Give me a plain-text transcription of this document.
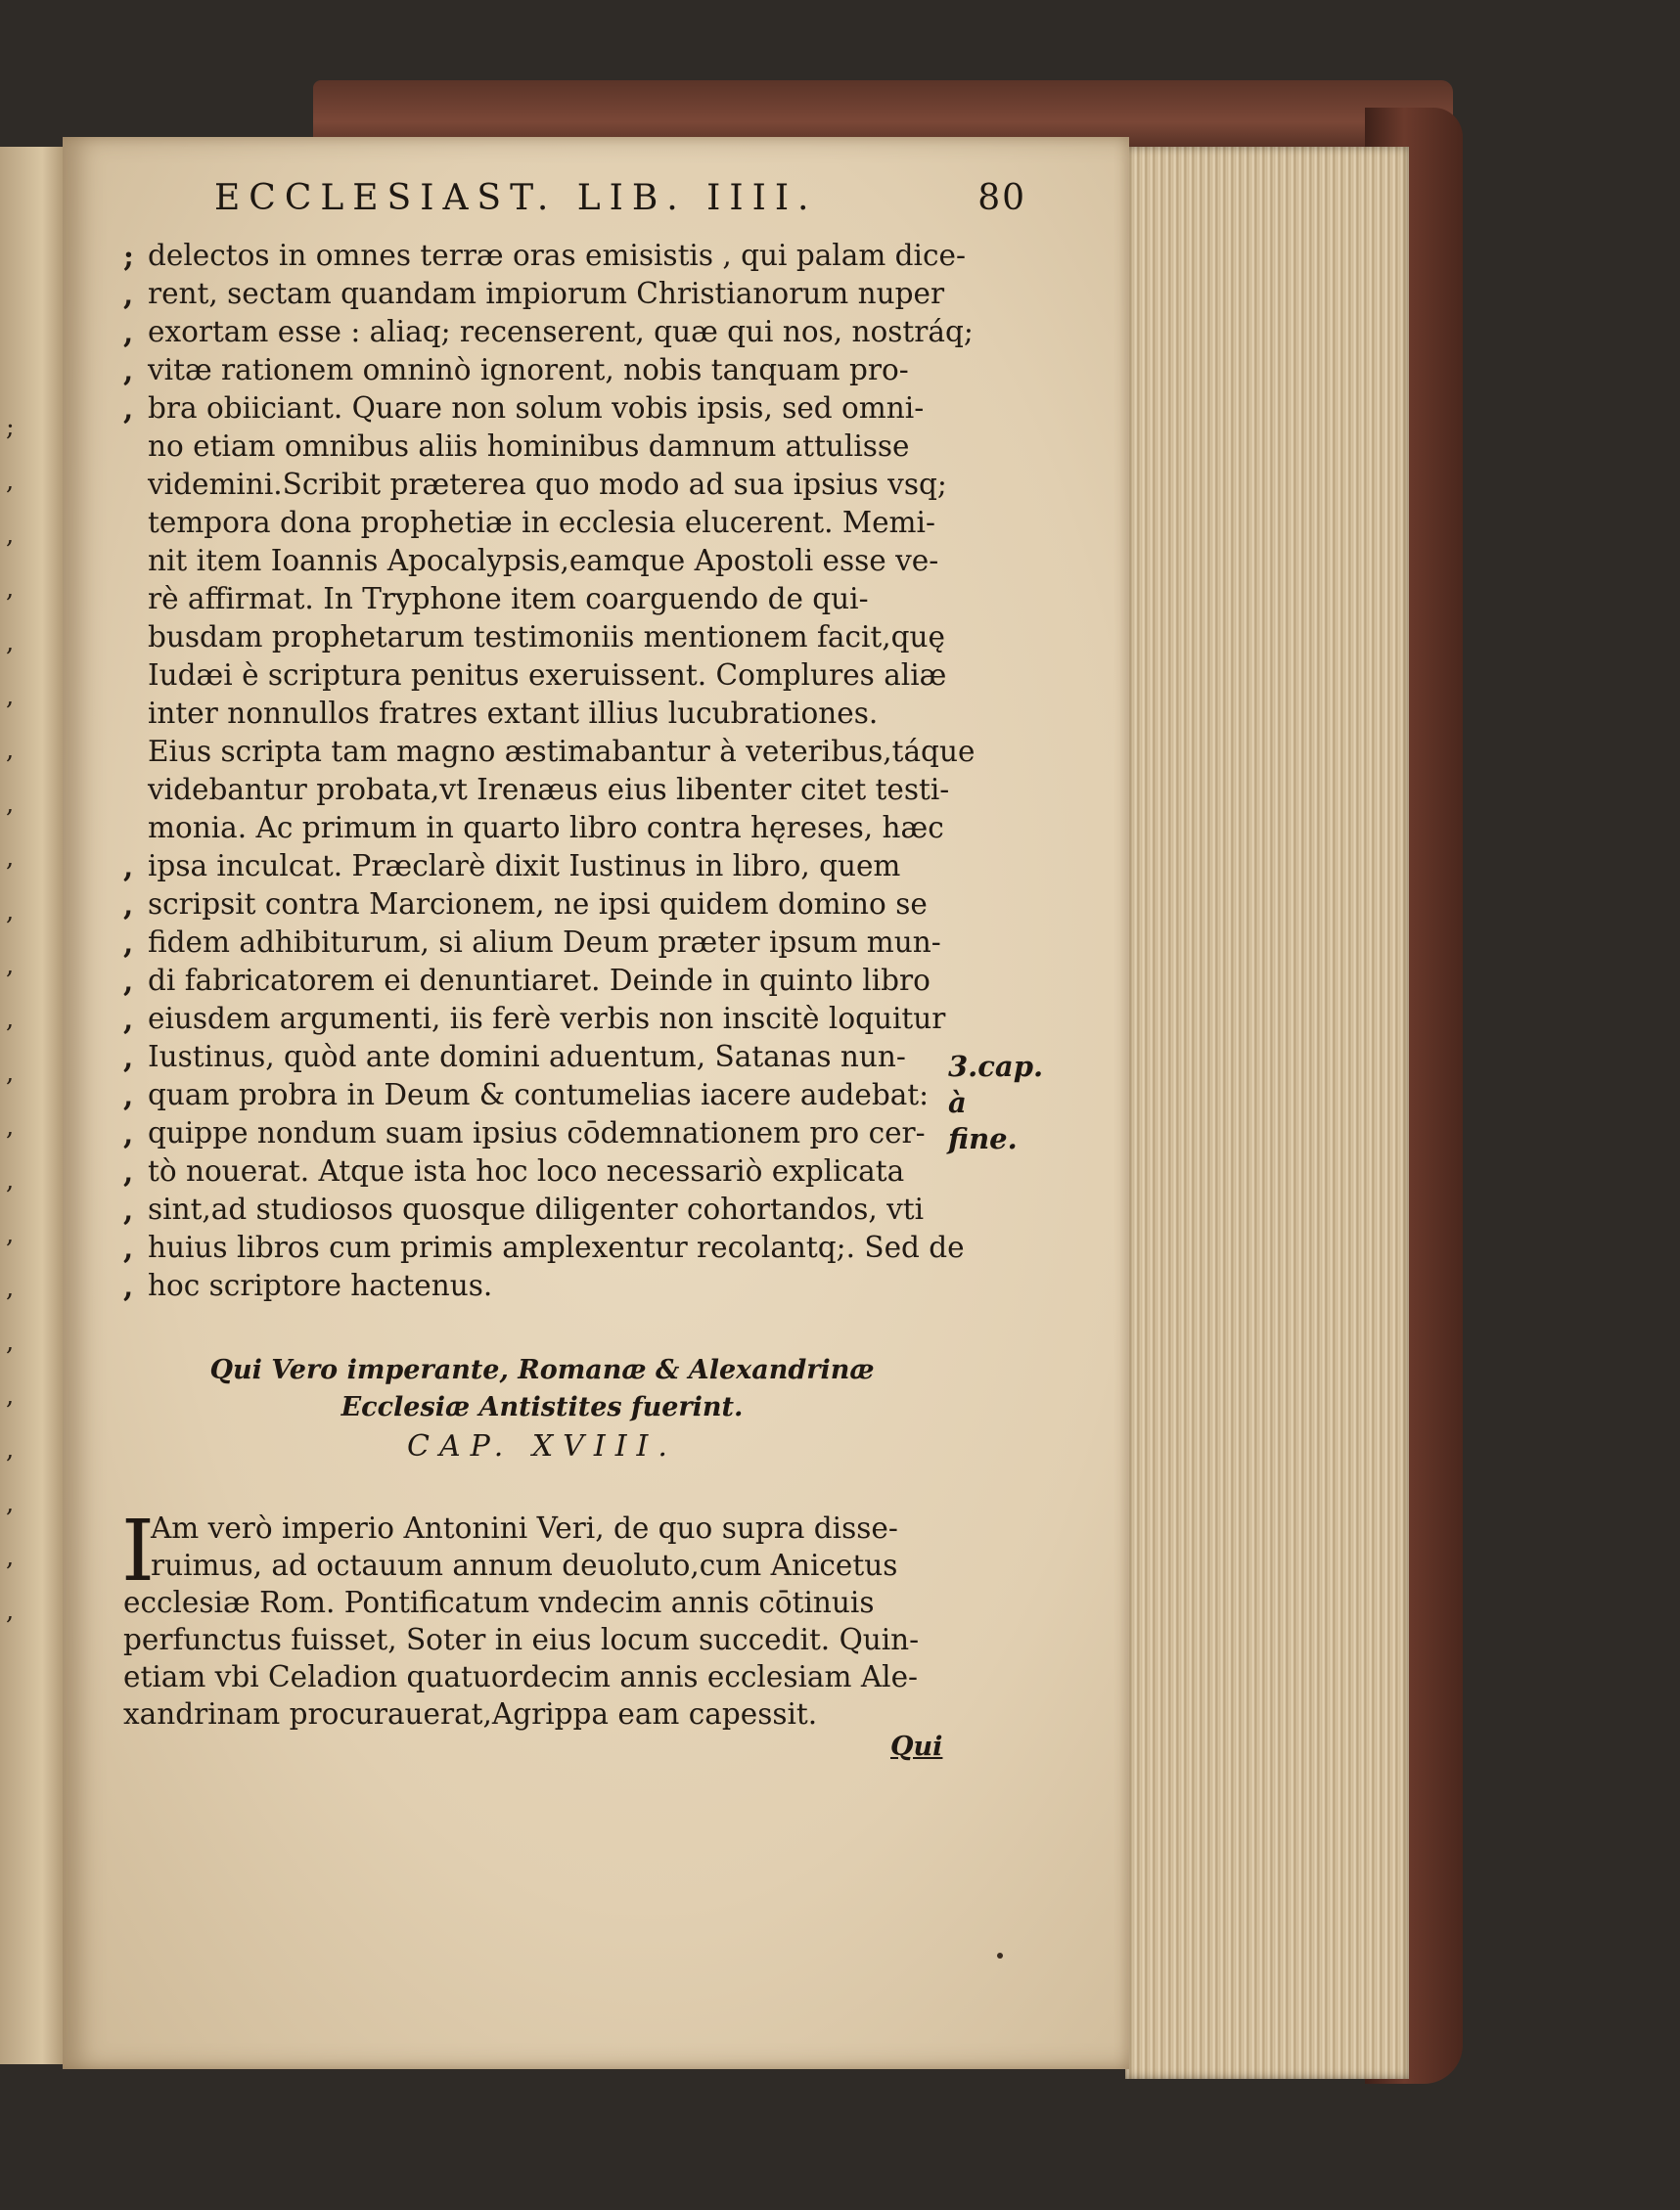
;
,
,
,
,
,
,
,
,
,
,
,
,
,
,
,
,
,
,
,
,
,
,
ECCLESIAST. LIB. IIII.	80
; delectos in omnes terræ oras emisistis , qui palam dice-
, rent, sectam quandam impiorum Christianorum nuper
, exortam esse : aliaq; recenserent, quæ qui nos, nostráq;
, vitæ rationem omninò ignorent, nobis tanquam pro-
, bra obiiciant. Quare non solum vobis ipsis, sed omni-
no etiam omnibus aliis hominibus damnum attulisse
videmini.Scribit præterea quo modo ad sua ipsius vsq;
tempora dona prophetiæ in ecclesia elucerent. Memi-
nit item Ioannis Apocalypsis,eamque Apostoli esse ve-
rè affirmat. In Tryphone item coarguendo de qui-
busdam prophetarum testimoniis mentionem facit,quę
Iudæi è scriptura penitus exeruissent. Complures aliæ
inter nonnullos fratres extant illius lucubrationes.
Eius scripta tam magno æstimabantur à veteribus,táque
videbantur probata,vt Irenæus eius libenter citet testi-
monia. Ac primum in quarto libro contra hęreses, hæc
, ipsa inculcat. Præclarè dixit Iustinus in libro, quem
, scripsit contra Marcionem, ne ipsi quidem domino se
, fidem adhibiturum, si alium Deum præter ipsum mun-
, di fabricatorem ei denuntiaret. Deinde in quinto libro
, eiusdem argumenti, iis ferè verbis non inscitè loquitur
, Iustinus, quòd ante domini aduentum, Satanas nun-
, quam probra in Deum & contumelias iacere audebat:
, quippe nondum suam ipsius cōdemnationem pro cer-
, tò nouerat. Atque ista hoc loco necessariò explicata
, sint,ad studiosos quosque diligenter cohortandos, vti
, huius libros cum primis amplexentur recolantq;. Sed de
, hoc scriptore hactenus.
3.cap. à
fine.
Qui Vero imperante, Romanæ & Alexandrinæ
Ecclesiæ Antistites fuerint.
CAP. XVIII.
I
Am verò imperio Antonini Veri, de quo supra disse-
ruimus, ad octauum annum deuoluto,cum Anicetus
ecclesiæ Rom. Pontificatum vndecim annis cōtinuis
perfunctus fuisset, Soter in eius locum succedit. Quin-
etiam vbi Celadion quatuordecim annis ecclesiam Ale-
xandrinam procurauerat,Agrippa eam capessit.
Qui
